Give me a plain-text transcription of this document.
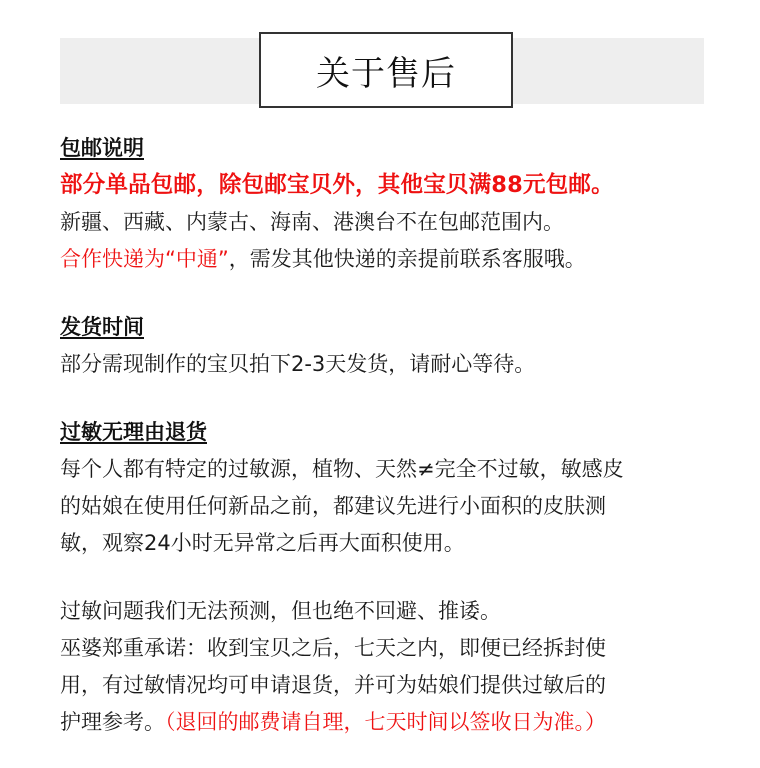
关于售后
包邮说明
部分单品包邮，除包邮宝贝外，其他宝贝满88元包邮。
新疆、西藏、内蒙古、海南、港澳台不在包邮范围内。
合作快递为“中通”，需发其他快递的亲提前联系客服哦。
发货时间
部分需现制作的宝贝拍下2-3天发货，请耐心等待。
过敏无理由退货
每个人都有特定的过敏源，植物、天然≠完全不过敏，敏感皮
的姑娘在使用任何新品之前，都建议先进行小面积的皮肤测
敏，观察24小时无异常之后再大面积使用。
过敏问题我们无法预测，但也绝不回避、推诿。
巫婆郑重承诺：收到宝贝之后，七天之内，即便已经拆封使
用，有过敏情况均可申请退货，并可为姑娘们提供过敏后的
护理参考。（退回的邮费请自理，七天时间以签收日为准。）
